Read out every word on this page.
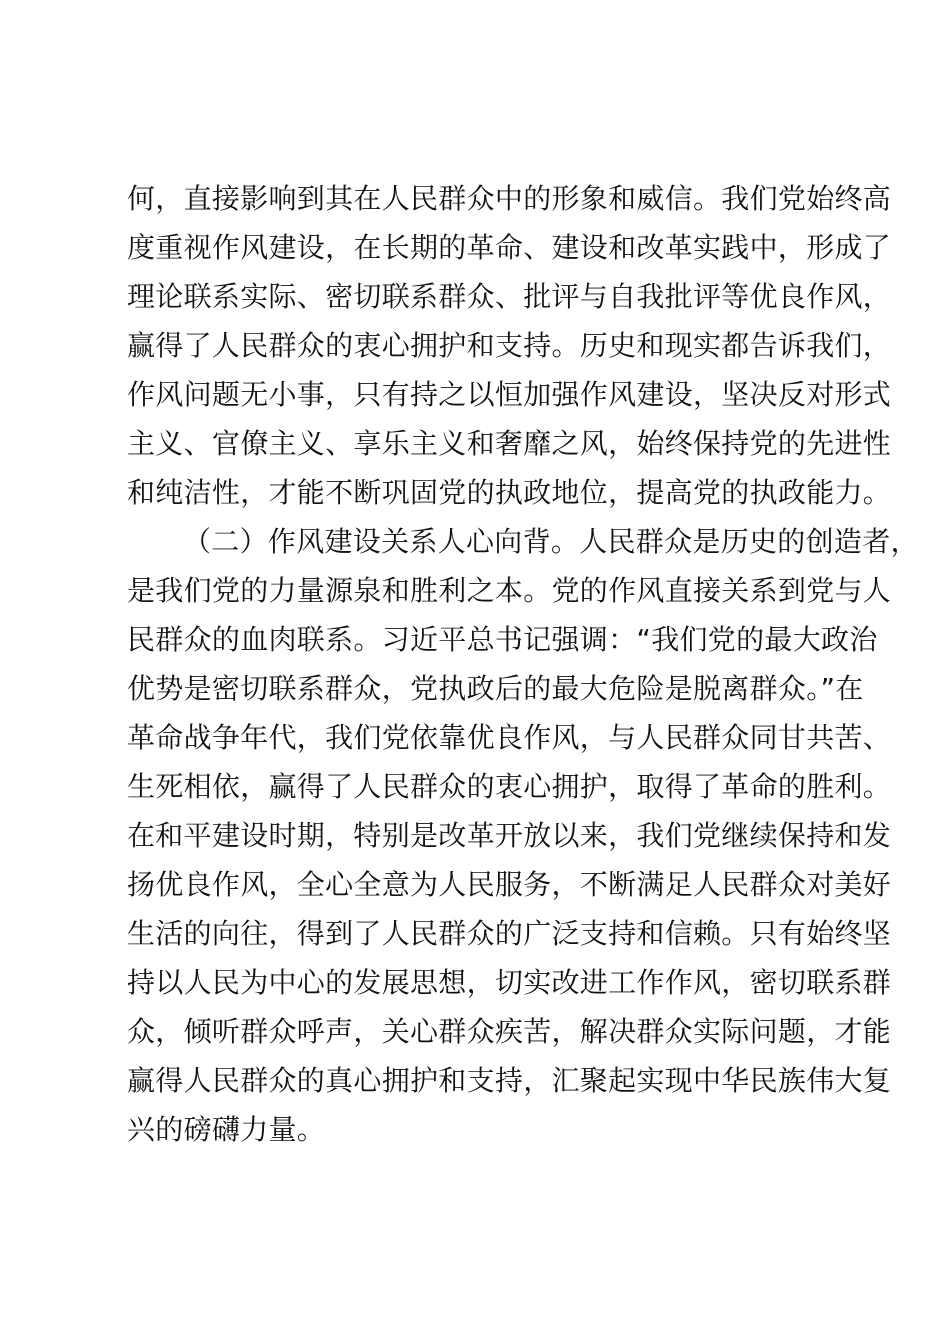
何，直接影响到其在人民群众中的形象和威信。我们党始终高
度重视作风建设，在长期的革命、建设和改革实践中，形成了
理论联系实际、密切联系群众、批评与自我批评等优良作风，
赢得了人民群众的衷心拥护和支持。历史和现实都告诉我们，
作风问题无小事，只有持之以恒加强作风建设，坚决反对形式
主义、官僚主义、享乐主义和奢靡之风，始终保持党的先进性
和纯洁性，才能不断巩固党的执政地位，提高党的执政能力。
（二）作风建设关系人心向背。人民群众是历史的创造者，
是我们党的力量源泉和胜利之本。党的作风直接关系到党与人
民群众的血肉联系。习近平总书记强调：“我们党的最大政治
优势是密切联系群众，党执政后的最大危险是脱离群众。”在
革命战争年代，我们党依靠优良作风，与人民群众同甘共苦、
生死相依，赢得了人民群众的衷心拥护，取得了革命的胜利。
在和平建设时期，特别是改革开放以来，我们党继续保持和发
扬优良作风，全心全意为人民服务，不断满足人民群众对美好
生活的向往，得到了人民群众的广泛支持和信赖。只有始终坚
持以人民为中心的发展思想，切实改进工作作风，密切联系群
众，倾听群众呼声，关心群众疾苦，解决群众实际问题，才能
赢得人民群众的真心拥护和支持，汇聚起实现中华民族伟大复
兴的磅礴力量。
